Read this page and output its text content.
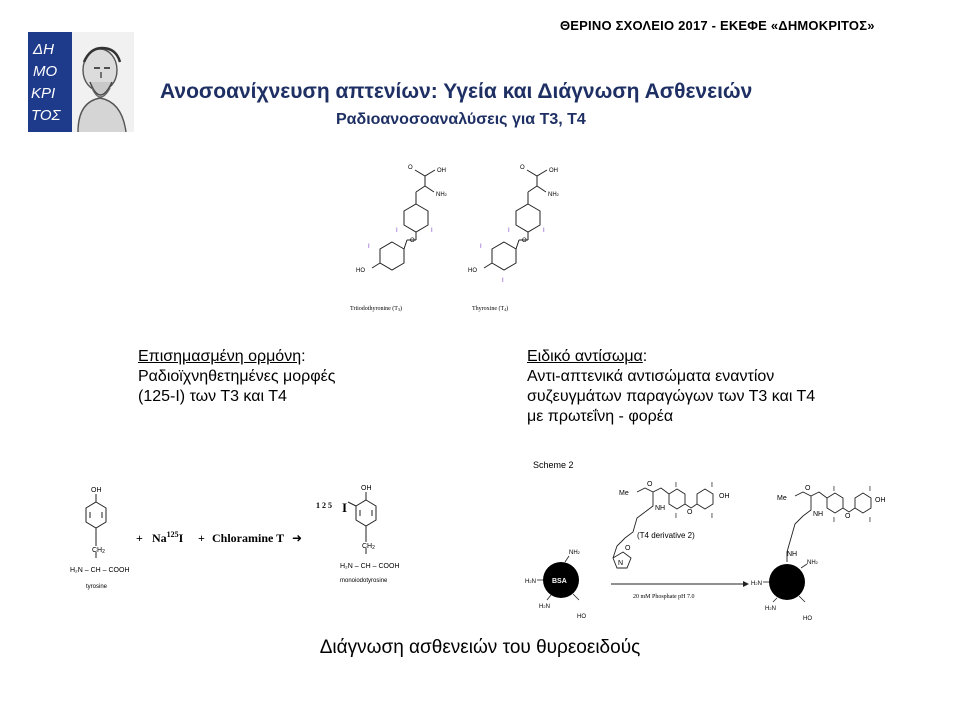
ΘΕΡΙΝΟ ΣΧΟΛΕΙΟ 2017 - ΕΚΕΦΕ «ΔΗΜΟΚΡΙΤΟΣ»
ΔΗ
ΜΟ
ΚΡΙ
ΤΟΣ
Ανοσοανίχνευση απτενίων: Υγεία και Διάγνωση Ασθενειών
Ραδιοανοσοαναλύσεις για Τ3, Τ4
OH
O
NH2
I	I
O
I
HO
Triiodothyronine (T3)
OH
O
NH2
I	I
O
I
I
HO
Thyroxine (T4)
Επισημασμένη ορμόνη:
Ραδιοϊχνηθετημένες μορφές
(125-I) των Τ3 και Τ4
Ειδικό αντίσωμα:
Αντι-απτενικά αντισώματα εναντίον
συζευγμάτων παραγώγων των Τ3 και Τ4
με πρωτεΐνη - φορέα
OH
CH2
H₂N – CH – COOH
tyrosine
+ $Na^{125}I$ + Chloramine T ➜
1 2 5 I
OH
CH2
H₂N – CH – COOH
monoiodotyrosine
Scheme 2
Me
O
NH
I	I
OH
I	I
O
N
O
(T4 derivative 2)
BSA
NH2
H2N
H2N
HO
20 mM Phosphate pH 7.0
Me
O
NH
I	I
OH
I	I
O
NH
NH2
H2N
H2N
HO
Διάγνωση ασθενειών του θυρεοειδούς
